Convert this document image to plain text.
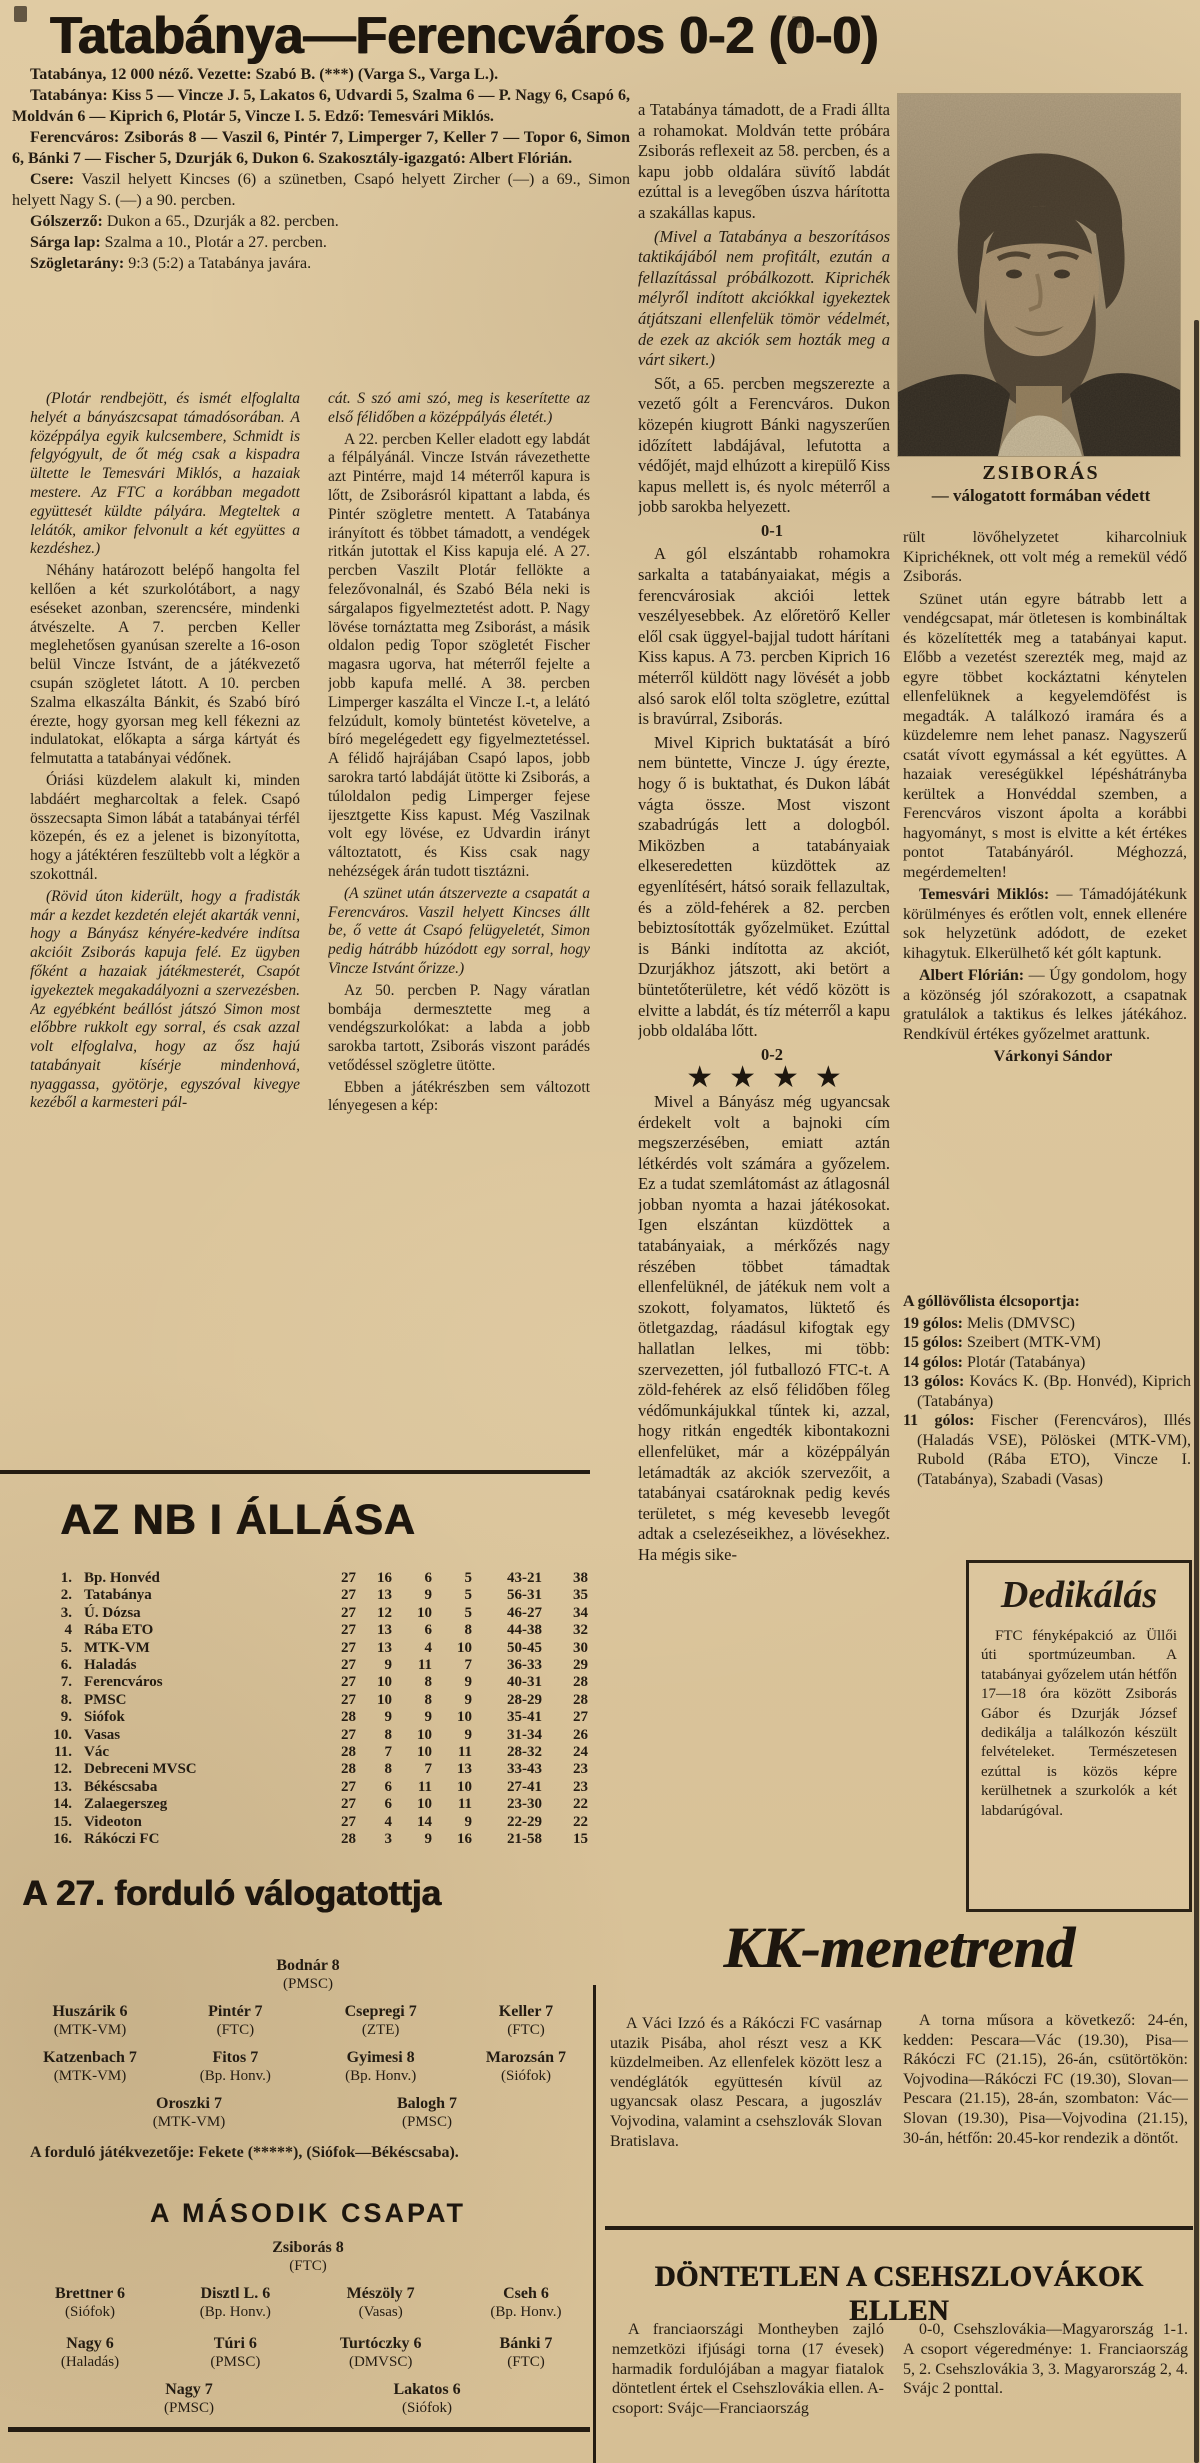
Tatabánya—Ferencváros 0-2 (0-0)

Tatabánya, 12 000 néző. Vezette: Szabó B. (***) (Varga S., Varga L.).

Tatabánya: Kiss 5 — Vincze J. 5, Lakatos 6, Udvardi 5, Szalma 6 — P. Nagy 6, Csapó 6, Moldván 6 — Kiprich 6, Plotár 5, Vincze I. 5. Edző: Temesvári Miklós.

Ferencváros: Zsiborás 8 — Vaszil 6, Pintér 7, Limperger 7, Keller 7 — Topor 6, Simon 6, Bánki 7 — Fischer 5, Dzurják 6, Dukon 6. Szakosztály-igazgató: Albert Flórián.

Csere: Vaszil helyett Kincses (6) a szünetben, Csapó helyett Zircher (—) a 69., Simon helyett Nagy S. (—) a 90. percben.

Gólszerző: Dukon a 65., Dzurják a 82. percben.

Sárga lap: Szalma a 10., Plotár a 27. percben.

Szögletarány: 9:3 (5:2) a Tatabánya javára.

(Plotár rendbejött, és ismét elfoglalta helyét a bányászcsapat támadósorában. A középpálya egyik kulcsembere, Schmidt is felgyógyult, de őt még csak a kispadra ültette le Temesvári Miklós, a hazaiak mestere. Az FTC a korábban megadott együttesét küldte pályára. Megteltek a lelátók, amikor felvonult a két együttes a kezdéshez.)

Néhány határozott belépő hangolta fel kellően a két szurkolótábort, a nagy eséseket azonban, szerencsére, mindenki átvészelte. A 7. percben Keller meglehetősen gyanúsan szerelte a 16-oson belül Vincze Istvánt, de a játékvezető csupán szögletet látott. A 10. percben Szalma elkaszálta Bánkit, és Szabó bíró érezte, hogy gyorsan meg kell fékezni az indulatokat, előkapta a sárga kártyát és felmutatta a tatabányai védőnek.

Óriási küzdelem alakult ki, minden labdáért megharcoltak a felek. Csapó összecsapta Simon lábát a tatabányai térfél közepén, és ez a jelenet is bizonyította, hogy a játéktéren feszültebb volt a légkör a szokottnál.

(Rövid úton kiderült, hogy a fradisták már a kezdet kezdetén elejét akarták venni, hogy a Bányász kényére-kedvére indítsa akcióit Zsiborás kapuja felé. Ez ügyben főként a hazaiak játékmesterét, Csapót igyekeztek megakadályozni a szervezésben. Az egyébként beállóst játszó Simon most előbbre rukkolt egy sorral, és csak azzal volt elfoglalva, hogy az ősz hajú tatabányait kísérje mindenhová, nyaggassa, gyötörje, egyszóval kivegye kezéből a karmesteri pál-

cát. S szó ami szó, meg is keserítette az első félidőben a középpályás életét.)

A 22. percben Keller eladott egy labdát a félpályánál. Vincze István rávezethette azt Pintérre, majd 14 méterről kapura is lőtt, de Zsiborásról kipattant a labda, és Pintér szögletre mentett. A Tatabánya irányított és többet támadott, a vendégek ritkán jutottak el Kiss kapuja elé. A 27. percben Vaszilt Plotár fellökte a felezővonalnál, és Szabó Béla neki is sárgalapos figyelmeztetést adott. P. Nagy lövése tornáztatta meg Zsiborást, a másik oldalon pedig Topor szögletét Fischer magasra ugorva, hat méterről fejelte a jobb kapufa mellé. A 38. percben Limperger kaszálta el Vincze I.-t, a lelátó felzúdult, komoly büntetést követelve, a bíró megelégedett egy figyelmeztetéssel. A félidő hajrájában Csapó lapos, jobb sarokra tartó labdáját ütötte ki Zsiborás, a túloldalon pedig Limperger fejese ijesztgette Kiss kapust. Még Vaszilnak volt egy lövése, ez Udvardin irányt változtatott, és Kiss csak nagy nehézségek árán tudott tisztázni.

(A szünet után átszervezte a csapatát a Ferencváros. Vaszil helyett Kincses állt be, ő vette át Csapó felügyeletét, Simon pedig hátrább húzódott egy sorral, hogy Vincze Istvánt őrizze.)

Az 50. percben P. Nagy váratlan bombája dermesztette meg a vendégszurkolókat: a labda a jobb sarokba tartott, Zsiborás viszont parádés vetődéssel szögletre ütötte.

Ebben a játékrészben sem változott lényegesen a kép:

a Tatabánya támadott, de a Fradi állta a rohamokat. Moldván tette próbára Zsiborás reflexeit az 58. percben, és a kapu jobb oldalára süvítő labdát ezúttal is a levegőben úszva hárította a szakállas kapus.

(Mivel a Tatabánya a beszorításos taktikájából nem profitált, ezután a fellazítással próbálkozott. Kiprichék mélyről indított akciókkal igyekeztek átjátszani ellenfelük tömör védelmét, de ezek az akciók sem hozták meg a várt sikert.)

Sőt, a 65. percben megszerezte a vezető gólt a Ferencváros. Dukon közepén kiugrott Bánki nagyszerűen időzített labdájával, lefutotta a védőjét, majd elhúzott a kirepülő Kiss kapus mellett is, és nyolc méterről a jobb sarokba helyezett.

0-1

A gól elszántabb rohamokra sarkalta a tatabányaiakat, mégis a ferencvárosiak akciói lettek veszélyesebbek. Az előretörő Keller elől csak üggyel-bajjal tudott hárítani Kiss kapus. A 73. percben Kiprich 16 méterről küldött nagy lövését a jobb alsó sarok elől tolta szögletre, ezúttal is bravúrral, Zsiborás.

Mivel Kiprich buktatását a bíró nem büntette, Vincze J. úgy érezte, hogy ő is buktathat, és Dukon lábát vágta össze. Most viszont szabadrúgás lett a dologból. Miközben a tatabányaiak elkeseredetten küzdöttek az egyenlítésért, hátsó soraik fellazultak, és a zöld-fehérek a 82. percben bebiztosították győzelmüket. Ezúttal is Bánki indította az akciót, Dzurjákhoz játszott, aki betört a büntetőterületre, két védő között is elvitte a labdát, és tíz méterről a kapu jobb oldalába lőtt.

0-2

★★★★

Mivel a Bányász még ugyancsak érdekelt volt a bajnoki cím megszerzésében, emiatt aztán létkérdés volt számára a győzelem. Ez a tudat szemlátomást az átlagosnál jobban nyomta a hazai játékosokat. Igen elszántan küzdöttek a tatabányaiak, a mérkőzés nagy részében többet támadtak ellenfelüknél, de játékuk nem volt a szokott, folyamatos, lüktető és ötletgazdag, ráadásul kifogtak egy hallatlan lelkes, mi több: szervezetten, jól futballozó FTC-t. A zöld-fehérek az első félidőben főleg védőmunkájukkal tűntek ki, azzal, hogy ritkán engedték kibontakozni ellenfelüket, már a középpályán letámadták az akciók szervezőit, a tatabányai csatároknak pedig kevés területet, s még kevesebb levegőt adtak a cselezéseikhez, a lövésekhez. Ha mégis sike-

ZSIBORÁS
— válogatott formában védett

rült lövőhelyzetet kiharcolniuk Kiprichéknek, ott volt még a remekül védő Zsiborás.

Szünet után egyre bátrabb lett a vendégcsapat, már ötletesen is kombináltak és közelítették meg a tatabányai kaput. Előbb a vezetést szerezték meg, majd az egyre többet kockáztatni kénytelen ellenfelüknek a kegyelemdöfést is megadták. A találkozó iramára és a küzdelemre nem lehet panasz. Nagyszerű csatát vívott egymással a két együttes. A hazaiak vereségükkel lépéshátrányba kerültek a Honvéddal szemben, a Ferencváros viszont ápolta a korábbi hagyományt, s most is elvitte a két értékes pontot Tatabányáról. Méghozzá, megérdemelten!

Temesvári Miklós: — Támadójátékunk körülményes és erőtlen volt, ennek ellenére sok helyzetünk adódott, de ezeket kihagytuk. Elkerülhető két gólt kaptunk.

Albert Flórián: — Úgy gondolom, hogy a közönség jól szórakozott, a csapatnak gratulálok a taktikus és lelkes játékához. Rendkívül értékes győzelmet arattunk.

Várkonyi Sándor

A góllövőlista élcsoportja:

19 gólos: Melis (DMVSC)

15 gólos: Szeibert (MTK-VM)

14 gólos: Plotár (Tatabánya)

13 gólos: Kovács K. (Bp. Honvéd), Kiprich (Tatabánya)

11 gólos: Fischer (Ferencváros), Illés (Haladás VSE), Pölöskei (MTK-VM), Rubold (Rába ETO), Vincze I. (Tatabánya), Szabadi (Vasas)

Dedikálás
FTC fényképakció az Üllői úti sportmúzeumban. A tatabányai győzelem után hétfőn 17—18 óra között Zsiborás Gábor és Dzurják József dedikálja a találkozón készült felvételeket. Természetesen ezúttal is közös képre kerülhetnek a szurkolók a két labdarúgóval.
AZ NB I ÁLLÁSA
1. Bp. Honvéd	27	16	6	5	43-21	38
2. Tatabánya	27	13	9	5	56-31	35
3. Ú. Dózsa	27	12	10	5	46-27	34
4 Rába ETO	27	13	6	8	44-38	32
5. MTK-VM	27	13	4	10	50-45	30
6. Haladás	27	9	11	7	36-33	29
7. Ferencváros	27	10	8	9	40-31	28
8. PMSC	27	10	8	9	28-29	28
9. Siófok	28	9	9	10	35-41	27
10. Vasas	27	8	10	9	31-34	26
11. Vác	28	7	10	11	28-32	24
12. Debreceni MVSC	28	8	7	13	33-43	23
13. Békéscsaba	27	6	11	10	27-41	23
14. Zalaegerszeg	27	6	10	11	23-30	22
15. Videoton	27	4	14	9	22-29	22
16. Rákóczi FC	28	3	9	16	21-58	15
A 27. forduló válogatottja
Bodnár 8
(PMSC)
Huszárik 6
(MTK-VM)
Pintér 7
(FTC)
Csepregi 7
(ZTE)
Keller 7
(FTC)
Katzenbach 7
(MTK-VM)
Fitos 7
(Bp. Honv.)
Gyimesi 8
(Bp. Honv.)
Marozsán 7
(Siófok)
Oroszki 7
(MTK-VM)
Balogh 7
(PMSC)
A forduló játékvezetője: Fekete (*****), (Siófok—Békéscsaba).
A MÁSODIK CSAPAT
Zsiborás 8
(FTC)
Brettner 6
(Siófok)
Disztl L. 6
(Bp. Honv.)
Mészöly 7
(Vasas)
Cseh 6
(Bp. Honv.)
Nagy 6
(Haladás)
Túri 6
(PMSC)
Turtóczky 6
(DMVSC)
Bánki 7
(FTC)
Nagy 7
(PMSC)
Lakatos 6
(Siófok)
KK-menetrend

A Váci Izzó és a Rákóczi FC vasárnap utazik Pisába, ahol részt vesz a KK küzdelmeiben. Az ellenfelek között lesz a vendéglátók együttesén kívül az ugyancsak olasz Pescara, a jugoszláv Vojvodina, valamint a csehszlovák Slovan Bratislava.

A torna műsora a következő: 24-én, kedden: Pescara—Vác (19.30), Pisa—Rákóczi FC (21.15), 26-án, csütörtökön: Vojvodina—Rákóczi FC (19.30), Slovan—Pescara (21.15), 28-án, szombaton: Vác—Slovan (19.30), Pisa—Vojvodina (21.15), 30-án, hétfőn: 20.45-kor rendezik a döntőt.

DÖNTETLEN A CSEHSZLOVÁKOK ELLEN

A franciaországi Montheyben zajló nemzetközi ifjúsági torna (17 évesek) harmadik fordulójában a magyar fiatalok döntetlent értek el Csehszlovákia ellen. A-csoport: Svájc—Franciaország

0-0, Csehszlovákia—Magyarország 1-1. A csoport végeredménye: 1. Franciaország 5, 2. Csehszlovákia 3, 3. Magyarország 2, 4. Svájc 2 ponttal.
